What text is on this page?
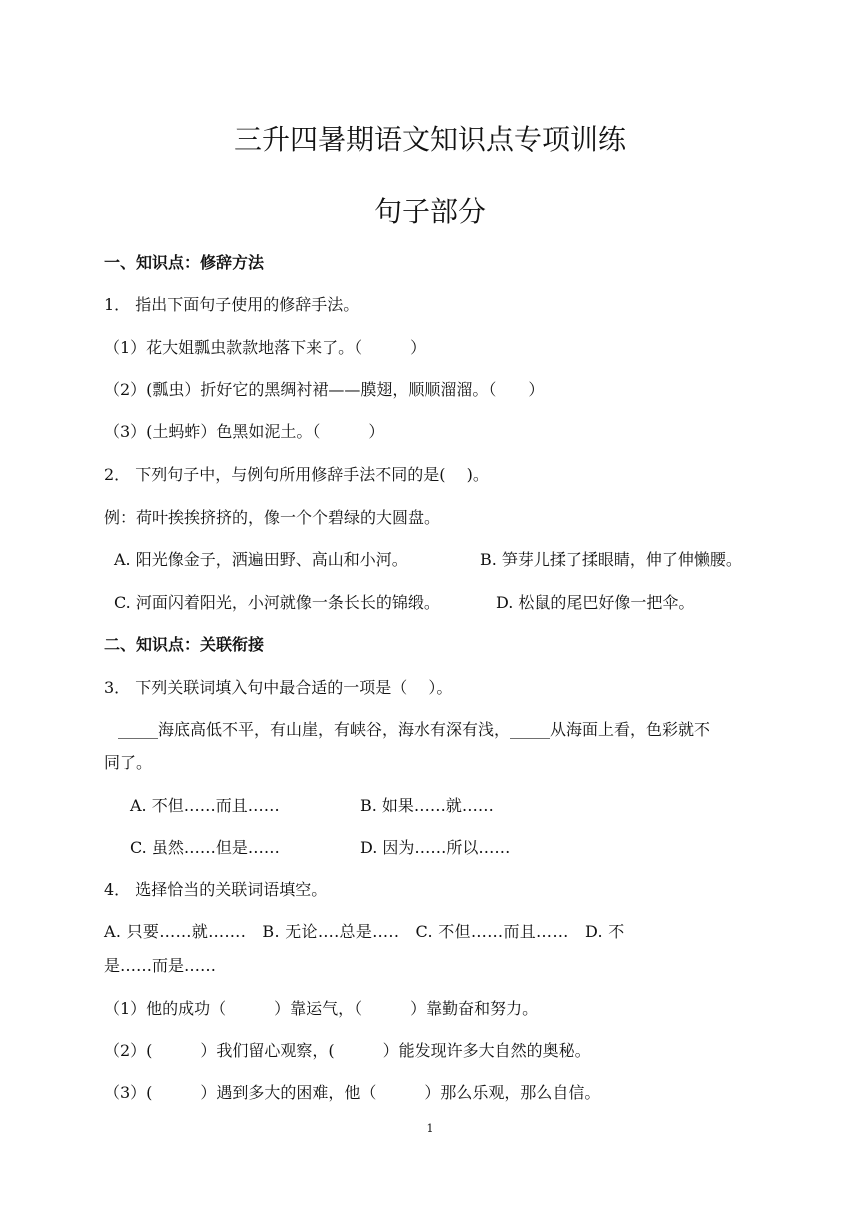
三升四暑期语文知识点专项训练
句子部分
一、知识点：修辞方法
1． 指出下面句子使用的修辞手法。
（1）花大姐瓢虫款款地落下来了。（　　　）
（2）(瓢虫）折好它的黑绸衬裙——膜翅，顺顺溜溜。（　　）
（3）(土蚂蚱）色黑如泥土。（　　　）
2． 下列句子中，与例句所用修辞手法不同的是(　 )。
例：荷叶挨挨挤挤的，像一个个碧绿的大圆盘。
A. 阳光像金子，洒遍田野、高山和小河。	B. 笋芽儿揉了揉眼睛，伸了伸懒腰。
C. 河面闪着阳光，小河就像一条长长的锦缎。	D. 松鼠的尾巴好像一把伞。
二、知识点：关联衔接
3． 下列关联词填入句中最合适的一项是（　 ）。
_____海底高低不平，有山崖，有峡谷，海水有深有浅，_____从海面上看，色彩就不
同了。
A. 不但……而且……	B. 如果……就……
C. 虽然……但是……	D. 因为……所以……
4． 选择恰当的关联词语填空。
A. 只要……就…….　B. 无论….总是…..　C. 不但……而且……　D. 不
是……而是……
（1）他的成功（　　　）靠运气，（　　　）靠勤奋和努力。
（2）(　　　）我们留心观察，(　　　）能发现许多大自然的奥秘。
（3）(　　　）遇到多大的困难，他（　　　）那么乐观，那么自信。
1
